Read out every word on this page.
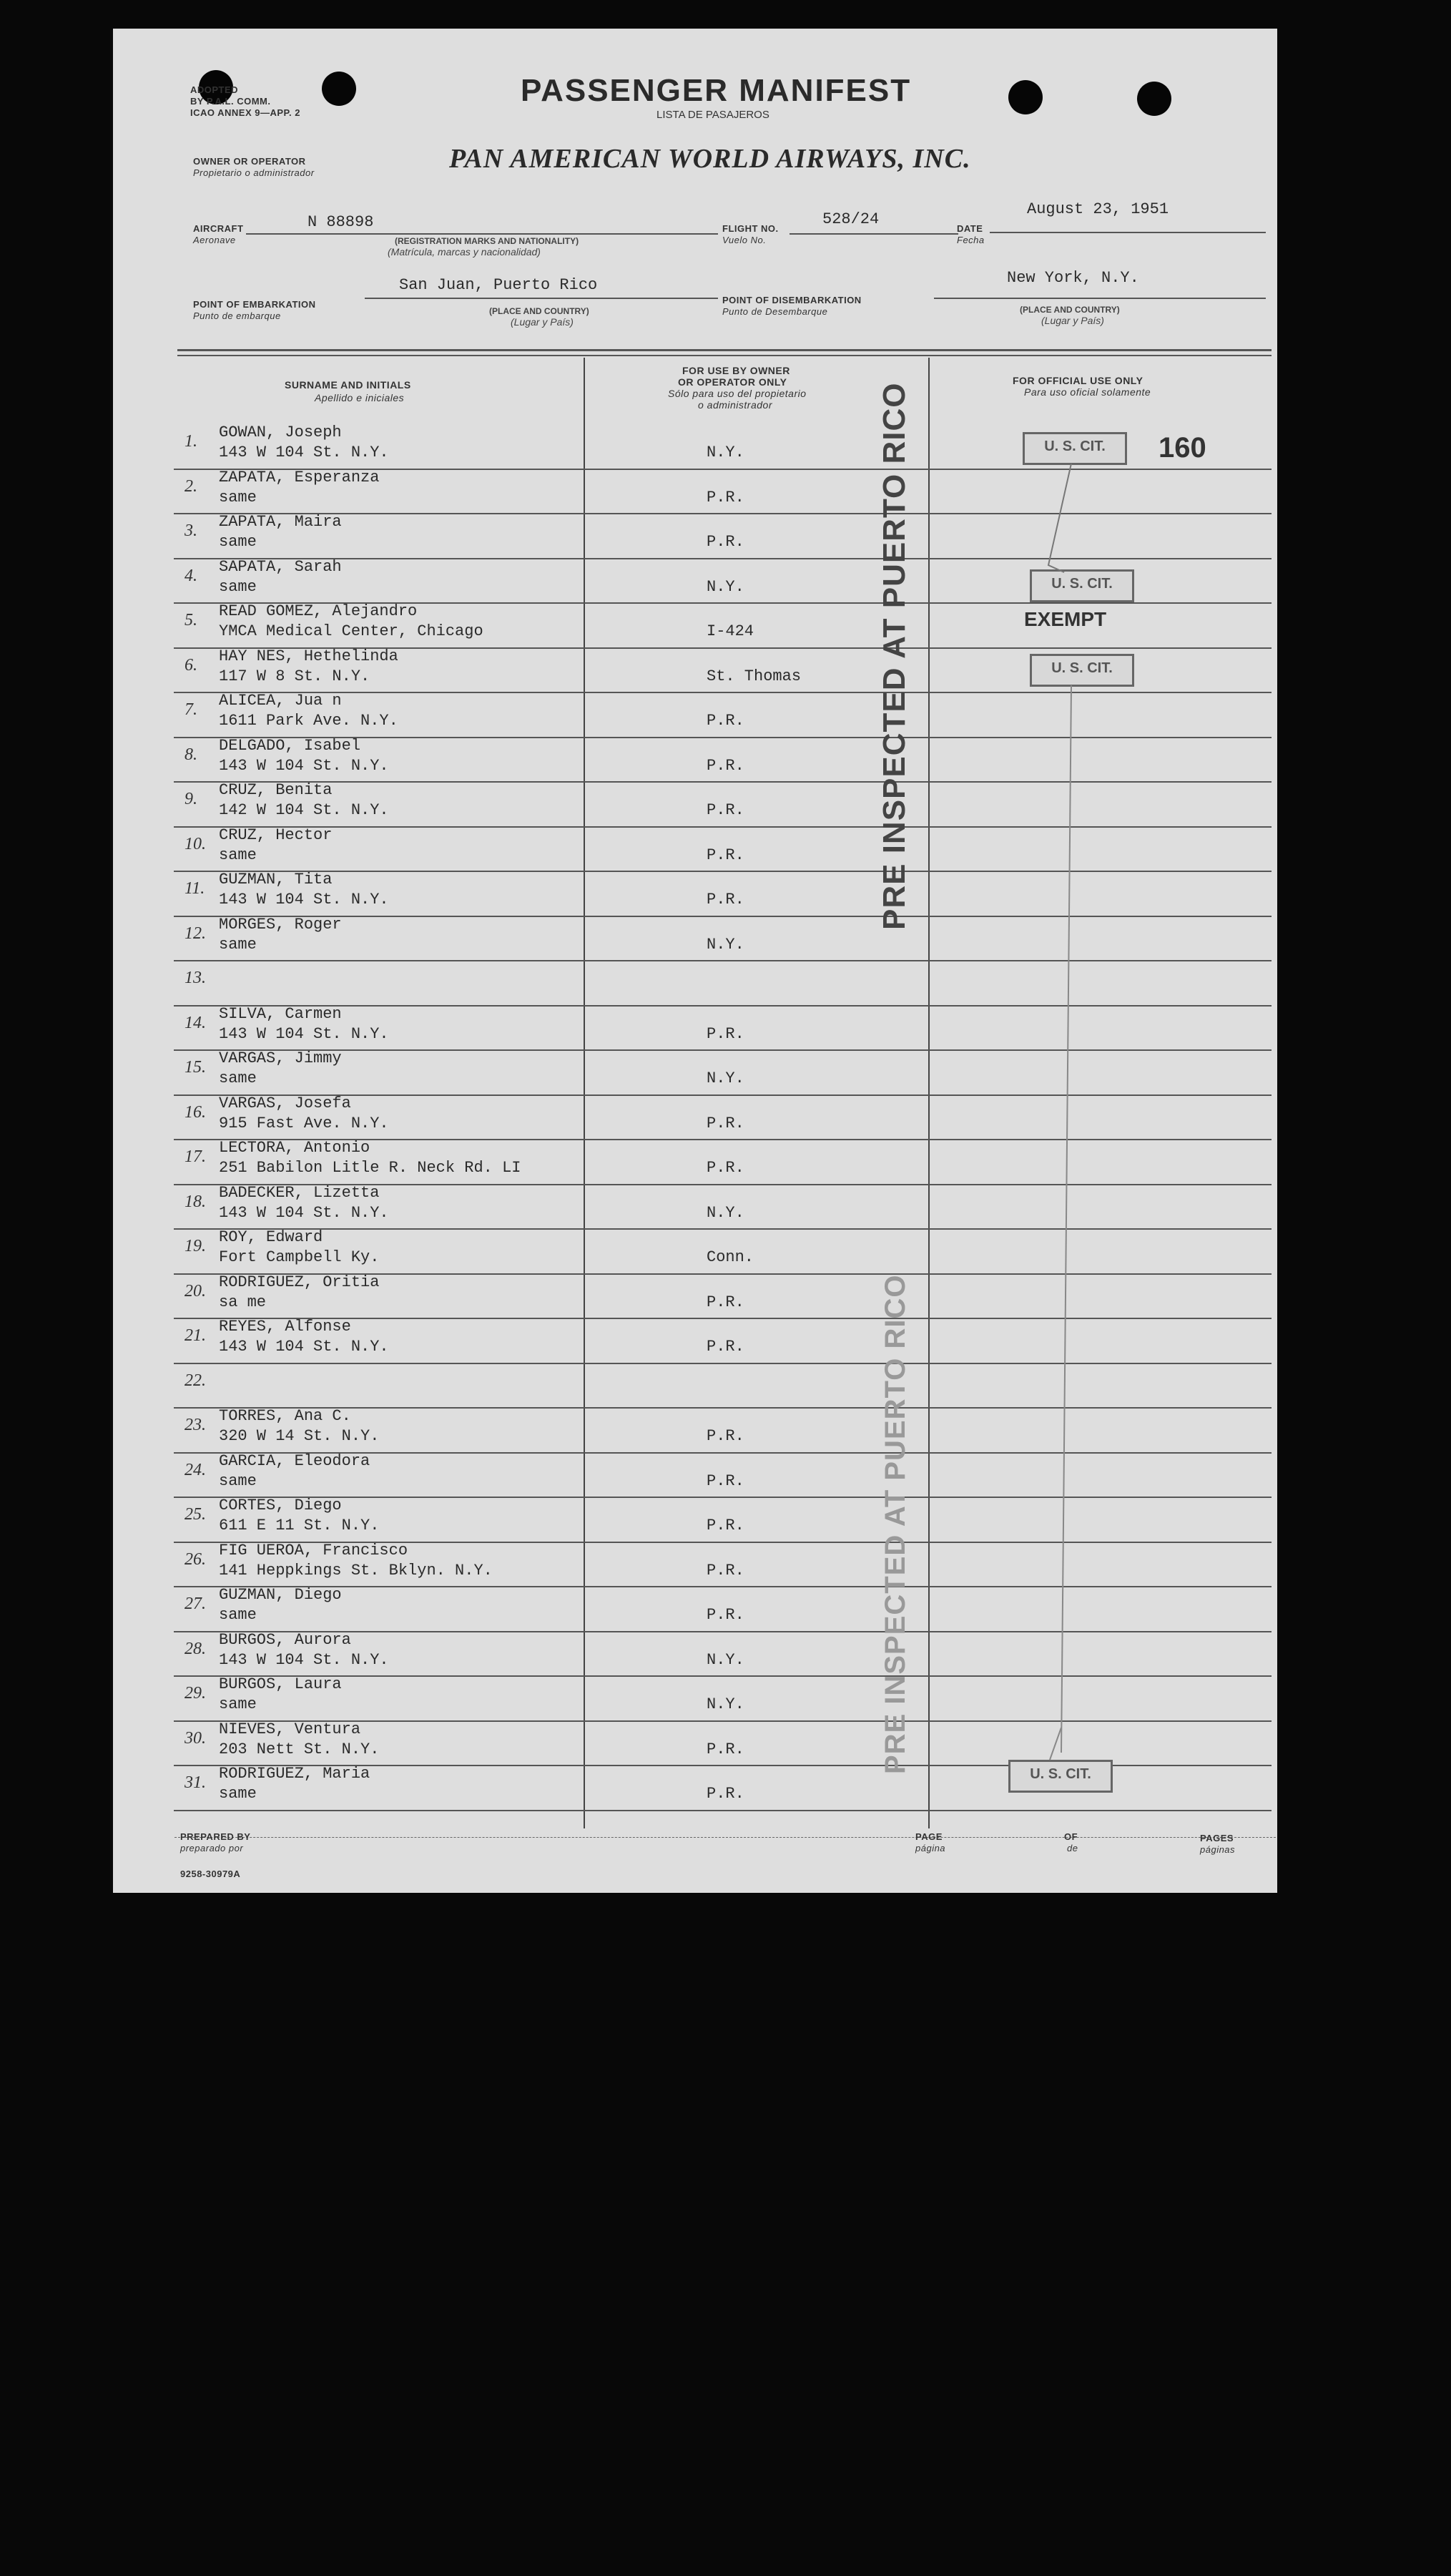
ADOPTED
BY P.A.L. COMM.
ICAO ANNEX 9—APP. 2
PASSENGER MANIFEST
LISTA DE PASAJEROS
OWNER OR OPERATOR
Propietario o administrador	PAN AMERICAN WORLD AIRWAYS, INC.
AIRCRAFT
Aeronave
N 88898
(REGISTRATION MARKS AND NATIONALITY)
(Matrícula, marcas y nacionalidad)
FLIGHT NO.
Vuelo No.
528/24
DATE
Fecha
August 23, 1951
POINT OF EMBARKATION
Punto de embarque
San Juan, Puerto Rico
(PLACE AND COUNTRY)
(Lugar y País)
POINT OF DISEMBARKATION
Punto de Desembarque
New York, N.Y.
(PLACE AND COUNTRY)
(Lugar y País)
SURNAME AND INITIALS
Apellido e iniciales
FOR USE BY OWNER
OR OPERATOR ONLY
Sólo para uso del propietario
o administrador
FOR OFFICIAL USE ONLY
Para uso oficial solamente
1. GOWAN, Joseph
143 W 104 St. N.Y.	N.Y.
2. ZAPATA, Esperanza
same	P.R.
3. ZAPATA, Maira
same	P.R.
4. SAPATA, Sarah
same	N.Y.
5. READ GOMEZ, Alejandro
YMCA Medical Center, Chicago	I-424
6. HAY NES, Hethelinda
117 W 8 St. N.Y.	St. Thomas
7. ALICEA, Jua n
1611 Park Ave. N.Y.	P.R.
8. DELGADO, Isabel
143 W 104 St. N.Y.	P.R.
9. CRUZ, Benita
142 W 104 St. N.Y.	P.R.
10. CRUZ, Hector
same	P.R.
11. GUZMAN, Tita
143 W 104 St. N.Y.	P.R.
12. MORGES, Roger
same	N.Y.
13.
14. SILVA, Carmen
143 W 104 St. N.Y.	P.R.
15. VARGAS, Jimmy
same	N.Y.
16. VARGAS, Josefa
915 Fast Ave. N.Y.	P.R.
17. LECTORA, Antonio
251 Babilon Litle R. Neck Rd. LI	P.R.
18. BADECKER, Lizetta
143 W 104 St. N.Y.	N.Y.
19. ROY, Edward
Fort Campbell Ky.	Conn.
20. RODRIGUEZ, Oritia
sa me	P.R.
21. REYES, Alfonse
143 W 104 St. N.Y.	P.R.
22.
23. TORRES, Ana C.
320 W 14 St. N.Y.	P.R.
24. GARCIA, Eleodora
same	P.R.
25. CORTES, Diego
611 E 11 St. N.Y.	P.R.
26. FIG UEROA, Francisco
141 Heppkings St. Bklyn. N.Y.	P.R.
27. GUZMAN, Diego
same	P.R.
28. BURGOS, Aurora
143 W 104 St. N.Y.	N.Y.
29. BURGOS, Laura
same	N.Y.
30. NIEVES, Ventura
203 Nett St. N.Y.	P.R.
31. RODRIGUEZ, Maria
same	P.R.
PRE INSPECTED AT PUERTO RICO
PRE INSPECTED AT PUERTO RICO
U. S. CIT.	160
U. S. CIT.
EXEMPT
U. S. CIT.
U. S. CIT.
PREPARED BY
preparado por
PAGE
página
OF
de
PAGES
páginas
9258-30979A
